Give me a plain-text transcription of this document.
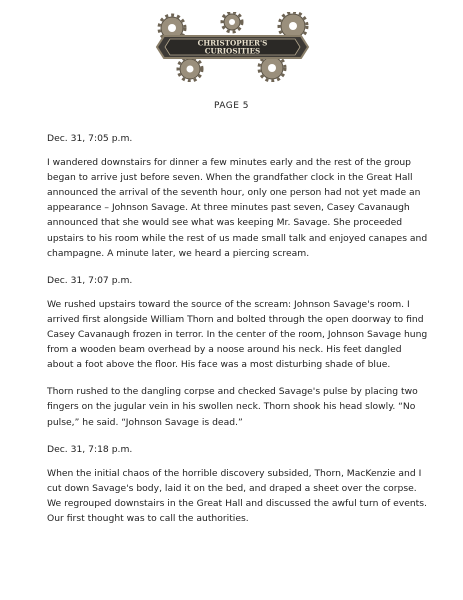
CHRISTOPHER'S
CURIOSITIES
PAGE 5

Dec. 31, 7:05 p.m.

I wandered downstairs for dinner a few minutes early and the rest of the group began to arrive just before seven. When the grandfather clock in the Great Hall announced the arrival of the seventh hour, only one person had not yet made an appearance – Johnson Savage. At three minutes past seven, Casey Cavanaugh announced that she would see what was keeping Mr. Savage. She proceeded upstairs to his room while the rest of us made small talk and enjoyed canapes and champagne. A minute later, we heard a piercing scream.

Dec. 31, 7:07 p.m.

We rushed upstairs toward the source of the scream: Johnson Savage's room. I arrived first alongside William Thorn and bolted through the open doorway to find Casey Cavanaugh frozen in terror. In the center of the room, Johnson Savage hung from a wooden beam overhead by a noose around his neck. His feet dangled about a foot above the floor. His face was a most disturbing shade of blue.

Thorn rushed to the dangling corpse and checked Savage's pulse by placing two fingers on the jugular vein in his swollen neck. Thorn shook his head slowly. “No pulse,” he said. “Johnson Savage is dead.”

Dec. 31, 7:18 p.m.

When the initial chaos of the horrible discovery subsided, Thorn, MacKenzie and I cut down Savage's body, laid it on the bed, and draped a sheet over the corpse. We regrouped downstairs in the Great Hall and discussed the awful turn of events. Our first thought was to call the authorities.
